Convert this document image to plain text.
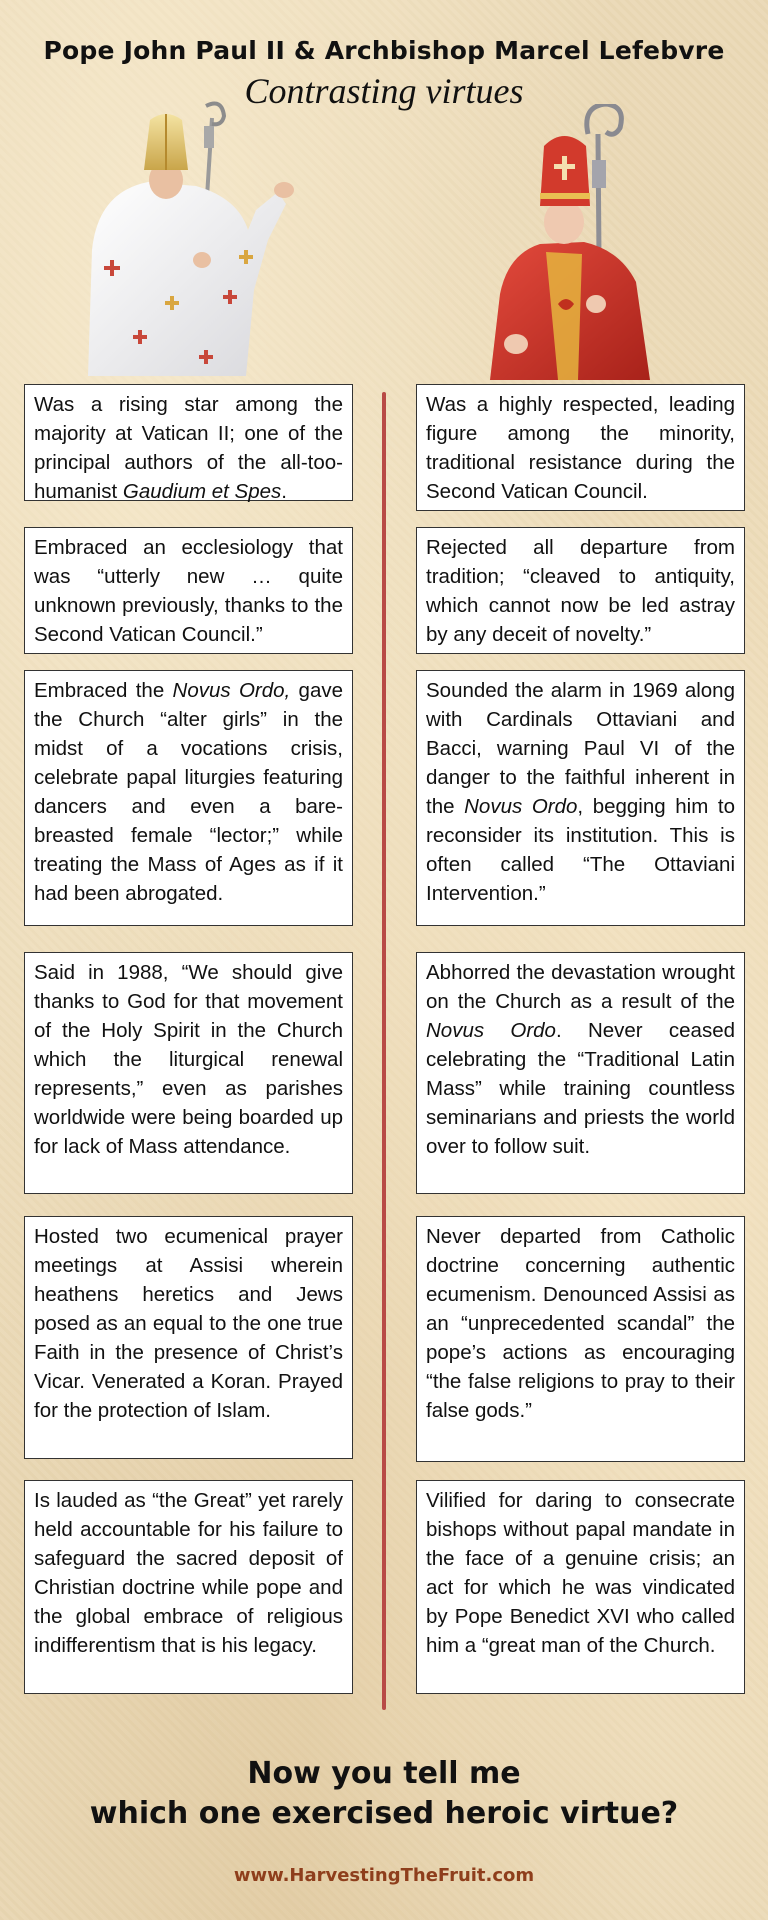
Pope John Paul II & Archbishop Marcel Lefebvre
Contrasting virtues
Was a rising star among the majority at Vatican II; one of the principal authors of the all-too-humanist Gaudium et Spes.
Embraced an ecclesiology that was “utterly new … quite unknown previously, thanks to the Second Vatican Council.”
Embraced the Novus Ordo, gave the Church “alter girls” in the midst of a vocations crisis, celebrate papal liturgies featuring dancers and even a bare-breasted female “lector;” while treating the Mass of Ages as if it had been abrogated.
Said in 1988, “We should give thanks to God for that movement of the Holy Spirit in the Church which the liturgical renewal represents,” even as parishes worldwide were being boarded up for lack of Mass attendance.
Hosted two ecumenical prayer meetings at Assisi wherein heathens heretics and Jews posed as an equal to the one true Faith in the presence of Christ’s Vicar. Venerated a Koran. Prayed for the protection of Islam.
Is lauded as “the Great” yet rarely held accountable for his failure to safeguard the sacred deposit of Christian doctrine while pope and the global embrace of religious indifferentism that is his legacy.
Was a highly respected, leading figure among the minority, traditional resistance during the Second Vatican Council.
Rejected all departure from tradition; “cleaved to antiquity, which cannot now be led astray by any deceit of novelty.”
Sounded the alarm in 1969 along with Cardinals Ottaviani and Bacci, warning Paul VI of the danger to the faithful inherent in the Novus Ordo, begging him to reconsider its institution. This is often called “The Ottaviani Intervention.”
Abhorred the devastation wrought on the Church as a result of the Novus Ordo. Never ceased celebrating the “Traditional Latin Mass” while training countless seminarians and priests the world over to follow suit.
Never departed from Catholic doctrine concerning authentic ecumenism. Denounced Assisi as an “unprecedented scandal” the pope’s actions as encouraging “the false religions to pray to their false gods.”
Vilified for daring to consecrate bishops without papal mandate in the face of a genuine crisis; an act for which he was vindicated by Pope Benedict XVI who called him a “great man of the Church.
Now you tell me
which one exercised heroic virtue?
www.HarvestingTheFruit.com
